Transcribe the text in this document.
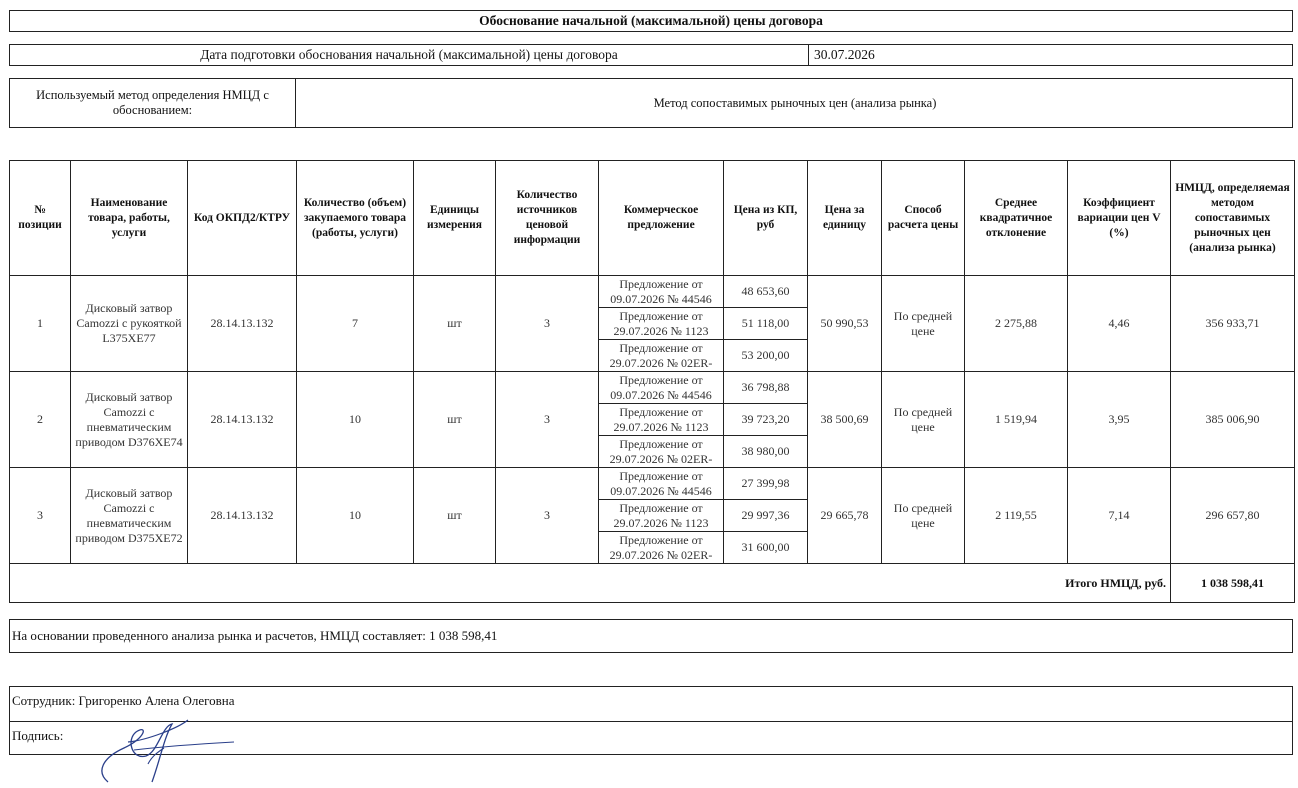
Обоснование начальной (максимальной) цены договора
Дата подготовки обоснования начальной (максимальной) цены договора	30.07.2026
Используемый метод определения НМЦД с обоснованием:
Метод сопоставимых рыночных цен (анализа рынка)
№ позиции	Наименование товара, работы, услуги	Код ОКПД2/КТРУ	Количество (объем) закупаемого товара (работы, услуги)	Единицы измерения	Количество источников ценовой информации	Коммерческое предложение	Цена из КП, руб	Цена за единицу	Способ расчета цены	Среднее квадратичное отклонение	Коэффициент вариации цен V (%)	НМЦД, определяемая методом сопоставимых рыночных цен (анализа рынка)
1	Дисковый затвор Camozzi с рукояткой L375XE77	28.14.13.132	7	шт	3	Предложение от 09.07.2026 № 44546	48 653,60	50 990,53	По средней цене	2 275,88	4,46	356 933,71
						Предложение от 29.07.2026 № 1123	51 118,00					
						Предложение от 29.07.2026 № 02ER-	53 200,00					
2	Дисковый затвор Camozzi с пневматическим приводом D376XE74	28.14.13.132	10	шт	3	Предложение от 09.07.2026 № 44546	36 798,88	38 500,69	По средней цене	1 519,94	3,95	385 006,90
						Предложение от 29.07.2026 № 1123	39 723,20					
						Предложение от 29.07.2026 № 02ER-	38 980,00					
3	Дисковый затвор Camozzi с пневматическим приводом D375XE72	28.14.13.132	10	шт	3	Предложение от 09.07.2026 № 44546	27 399,98	29 665,78	По средней цене	2 119,55	7,14	296 657,80
						Предложение от 29.07.2026 № 1123	29 997,36					
						Предложение от 29.07.2026 № 02ER-	31 600,00					
Итого НМЦД, руб.												1 038 598,41
На основании проведенного анализа рынка и расчетов, НМЦД составляет: 1 038 598,41
Сотрудник: Григоренко Алена Олеговна
Подпись:
